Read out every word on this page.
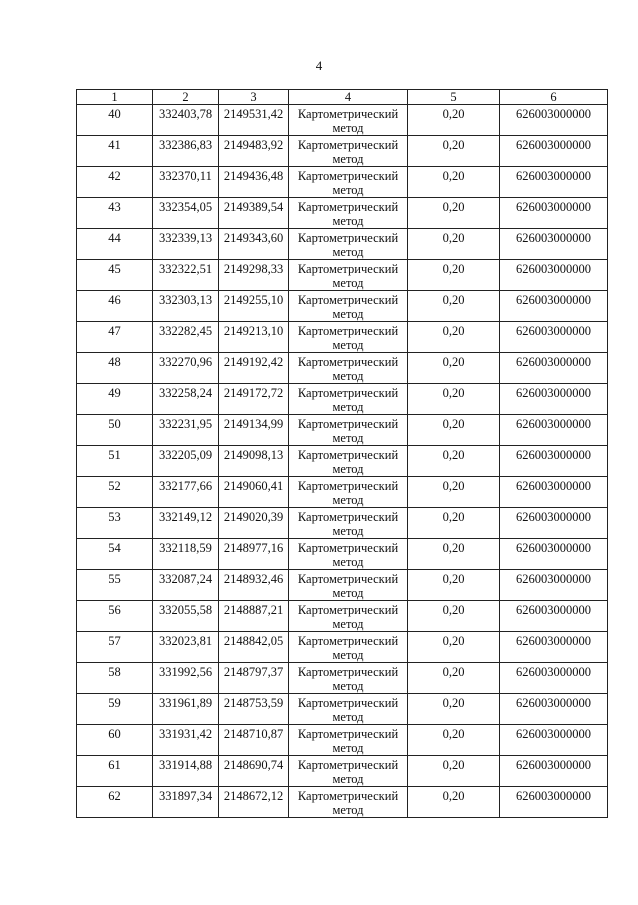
4
1	2	3	4	5	6
40	332403,78	2149531,42	Картометрический метод	0,20	626003000000
41	332386,83	2149483,92	Картометрический метод	0,20	626003000000
42	332370,11	2149436,48	Картометрический метод	0,20	626003000000
43	332354,05	2149389,54	Картометрический метод	0,20	626003000000
44	332339,13	2149343,60	Картометрический метод	0,20	626003000000
45	332322,51	2149298,33	Картометрический метод	0,20	626003000000
46	332303,13	2149255,10	Картометрический метод	0,20	626003000000
47	332282,45	2149213,10	Картометрический метод	0,20	626003000000
48	332270,96	2149192,42	Картометрический метод	0,20	626003000000
49	332258,24	2149172,72	Картометрический метод	0,20	626003000000
50	332231,95	2149134,99	Картометрический метод	0,20	626003000000
51	332205,09	2149098,13	Картометрический метод	0,20	626003000000
52	332177,66	2149060,41	Картометрический метод	0,20	626003000000
53	332149,12	2149020,39	Картометрический метод	0,20	626003000000
54	332118,59	2148977,16	Картометрический метод	0,20	626003000000
55	332087,24	2148932,46	Картометрический метод	0,20	626003000000
56	332055,58	2148887,21	Картометрический метод	0,20	626003000000
57	332023,81	2148842,05	Картометрический метод	0,20	626003000000
58	331992,56	2148797,37	Картометрический метод	0,20	626003000000
59	331961,89	2148753,59	Картометрический метод	0,20	626003000000
60	331931,42	2148710,87	Картометрический метод	0,20	626003000000
61	331914,88	2148690,74	Картометрический метод	0,20	626003000000
62	331897,34	2148672,12	Картометрический метод	0,20	626003000000
